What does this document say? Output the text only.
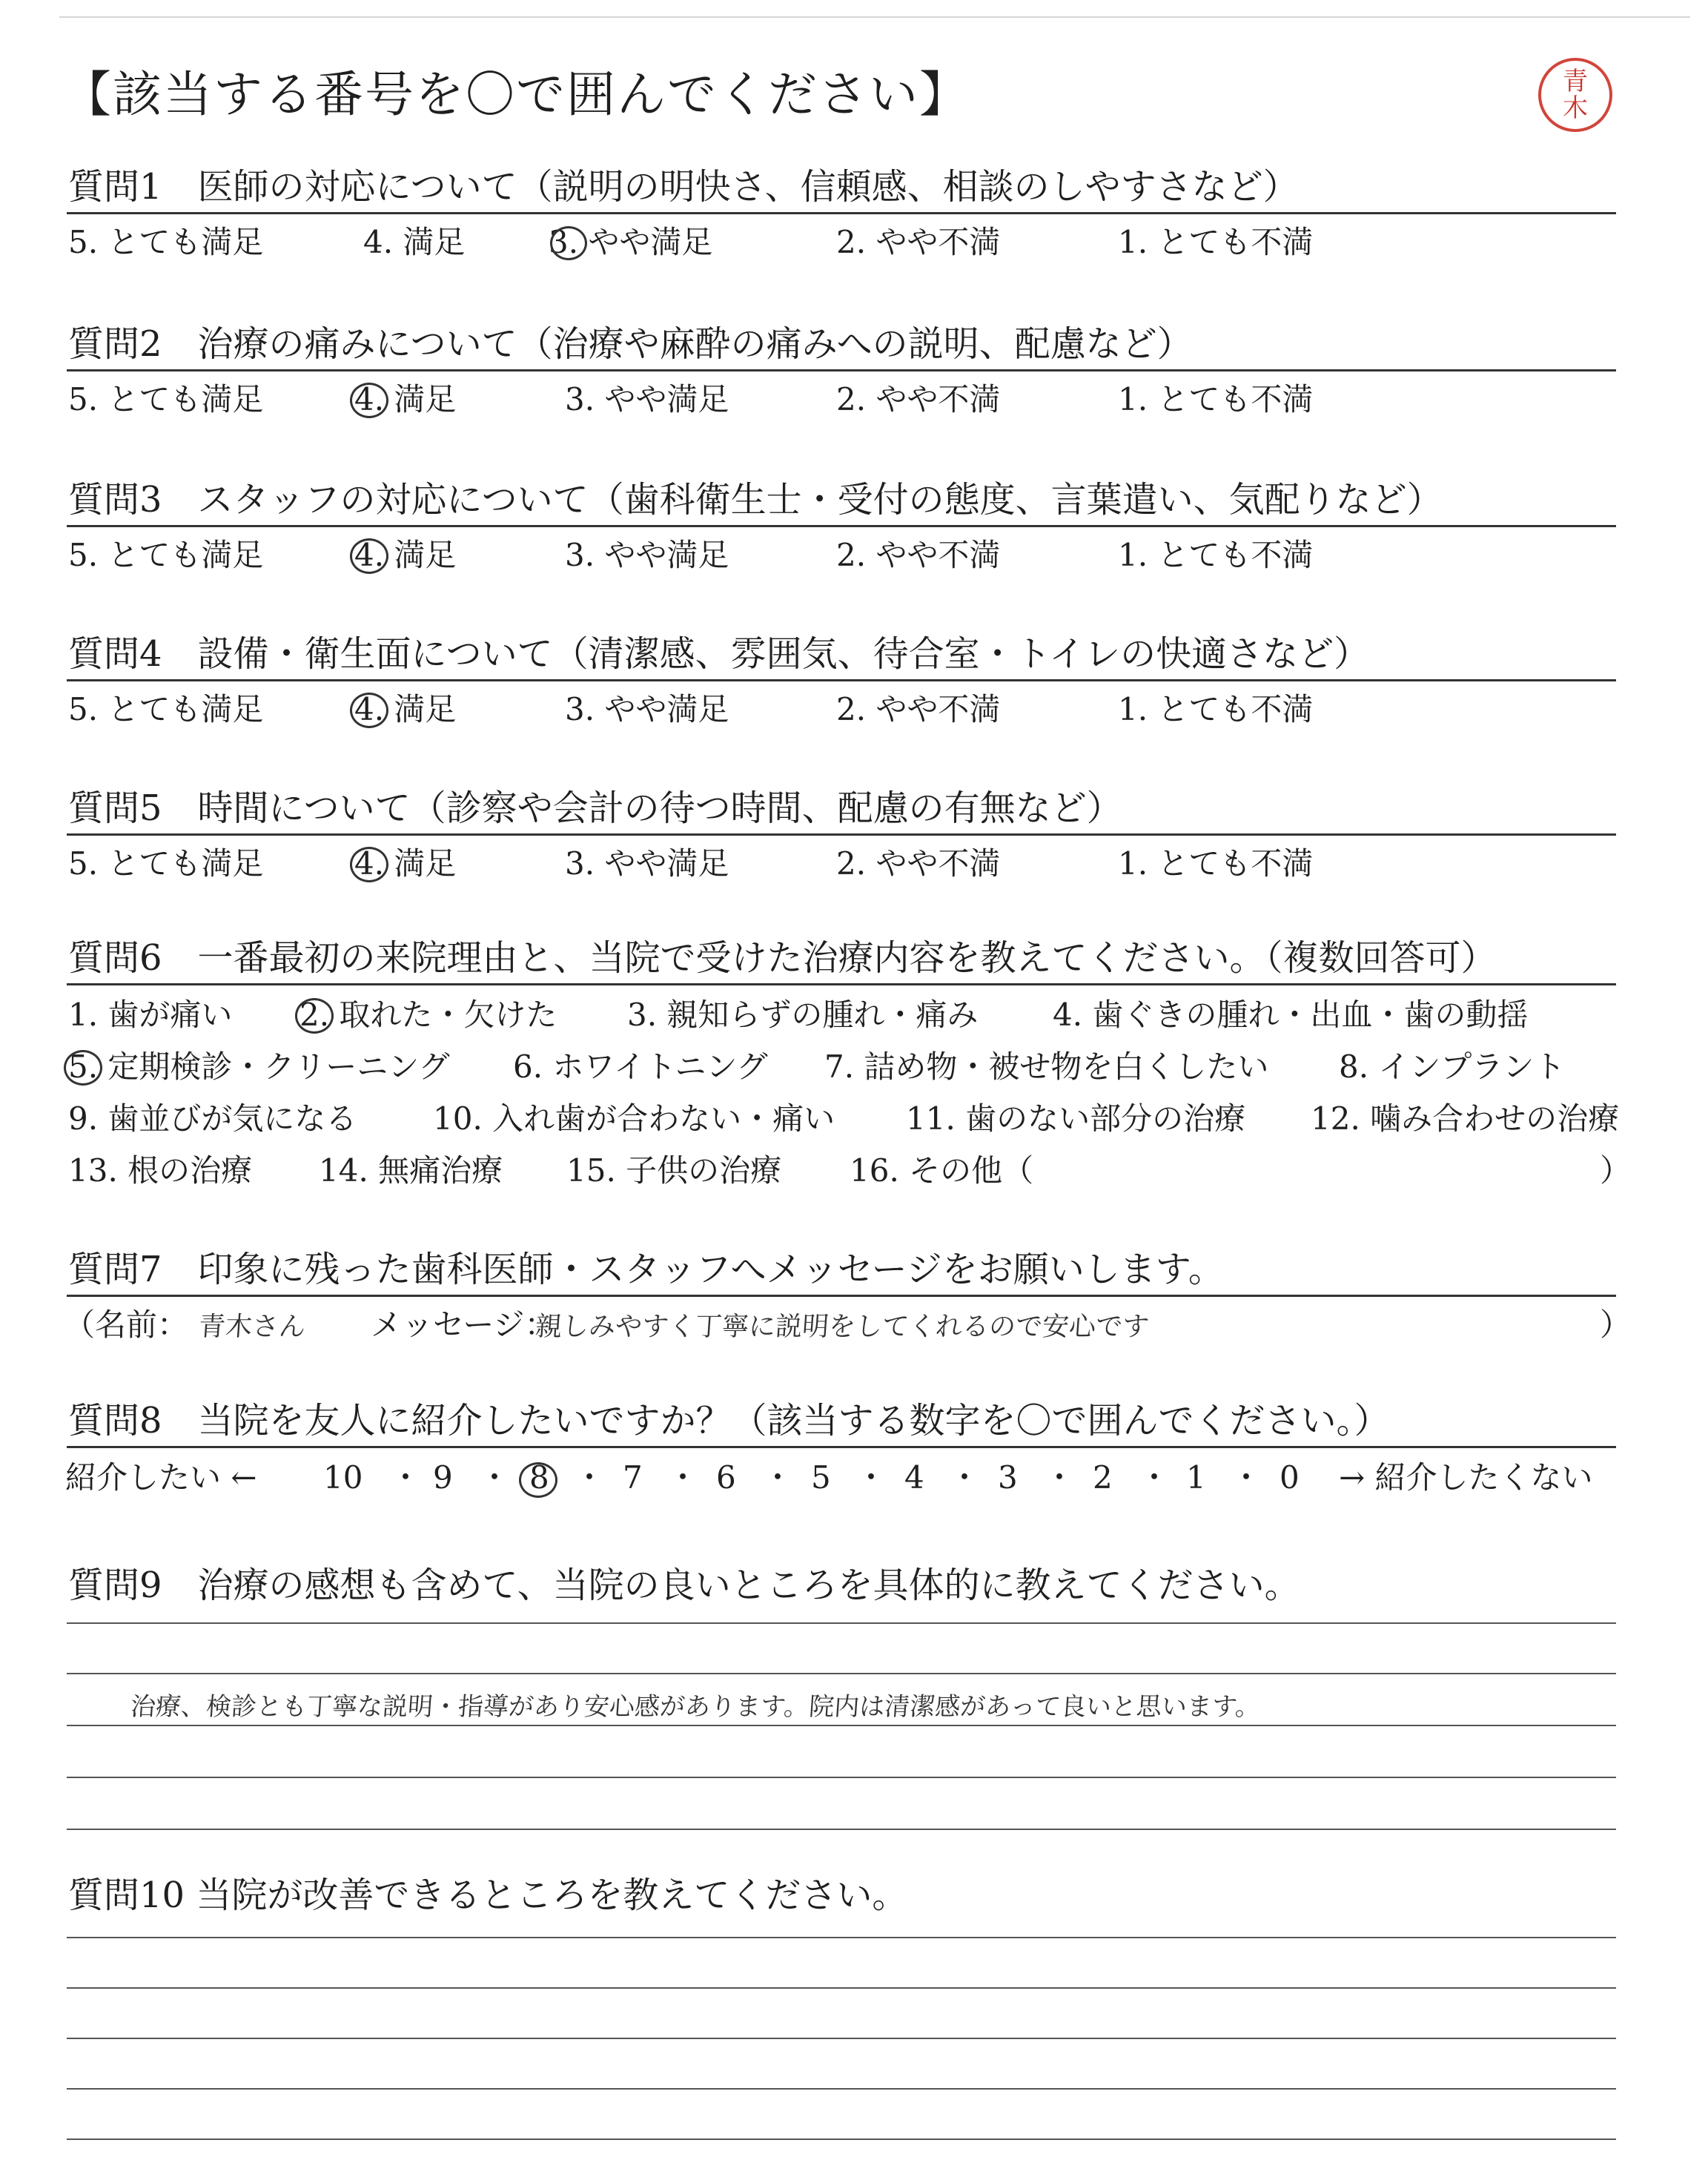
【該当する番号を〇で囲んでください】	青
木
質問1　医師の対応について（説明の明快さ、信頼感、相談のしやすさなど）
5. とても満足	4. 満足	3. やや満足	2. やや不満	1. とても不満
質問2　治療の痛みについて（治療や麻酔の痛みへの説明、配慮など）
5. とても満足	4. 満足	3. やや満足	2. やや不満	1. とても不満
質問3　スタッフの対応について（歯科衛生士・受付の態度、言葉遣い、気配りなど）
5. とても満足	4. 満足	3. やや満足	2. やや不満	1. とても不満
質問4　設備・衛生面について（清潔感、雰囲気、待合室・トイレの快適さなど）
5. とても満足	4. 満足	3. やや満足	2. やや不満	1. とても不満
質問5　時間について（診察や会計の待つ時間、配慮の有無など）
5. とても満足	4. 満足	3. やや満足	2. やや不満	1. とても不満
質問6　一番最初の来院理由と、当院で受けた治療内容を教えてください。（複数回答可）
1. 歯が痛い 2. 取れた・欠けた 3. 親知らずの腫れ・痛み 4. 歯ぐきの腫れ・出血・歯の動揺
5. 定期検診・クリーニング 6. ホワイトニング 7. 詰め物・被せ物を白くしたい 8. インプラント
9. 歯並びが気になる 10. 入れ歯が合わない・痛い 11. 歯のない部分の治療 12. 噛み合わせの治療
13. 根の治療 14. 無痛治療 15. 子供の治療 16. その他（	）
質問7　印象に残った歯科医師・スタッフへメッセージをお願いします。
（名前： 青木さん メッセージ：
親しみやすく丁寧に説明をしてくれるので安心です	）
質問8　当院を友人に紹介したいですか？（該当する数字を〇で囲んでください。）
紹介したい ← 10 ・ 9 ・ 8 ・ 7 ・ 6 ・ 5 ・ 4 ・ 3 ・ 2 ・ 1 ・ 0 → 紹介したくない
質問9　治療の感想も含めて、当院の良いところを具体的に教えてください。
治療、検診とも丁寧な説明・指導があり安心感があります。院内は清潔感があって良いと思います。
質問10 当院が改善できるところを教えてください。
